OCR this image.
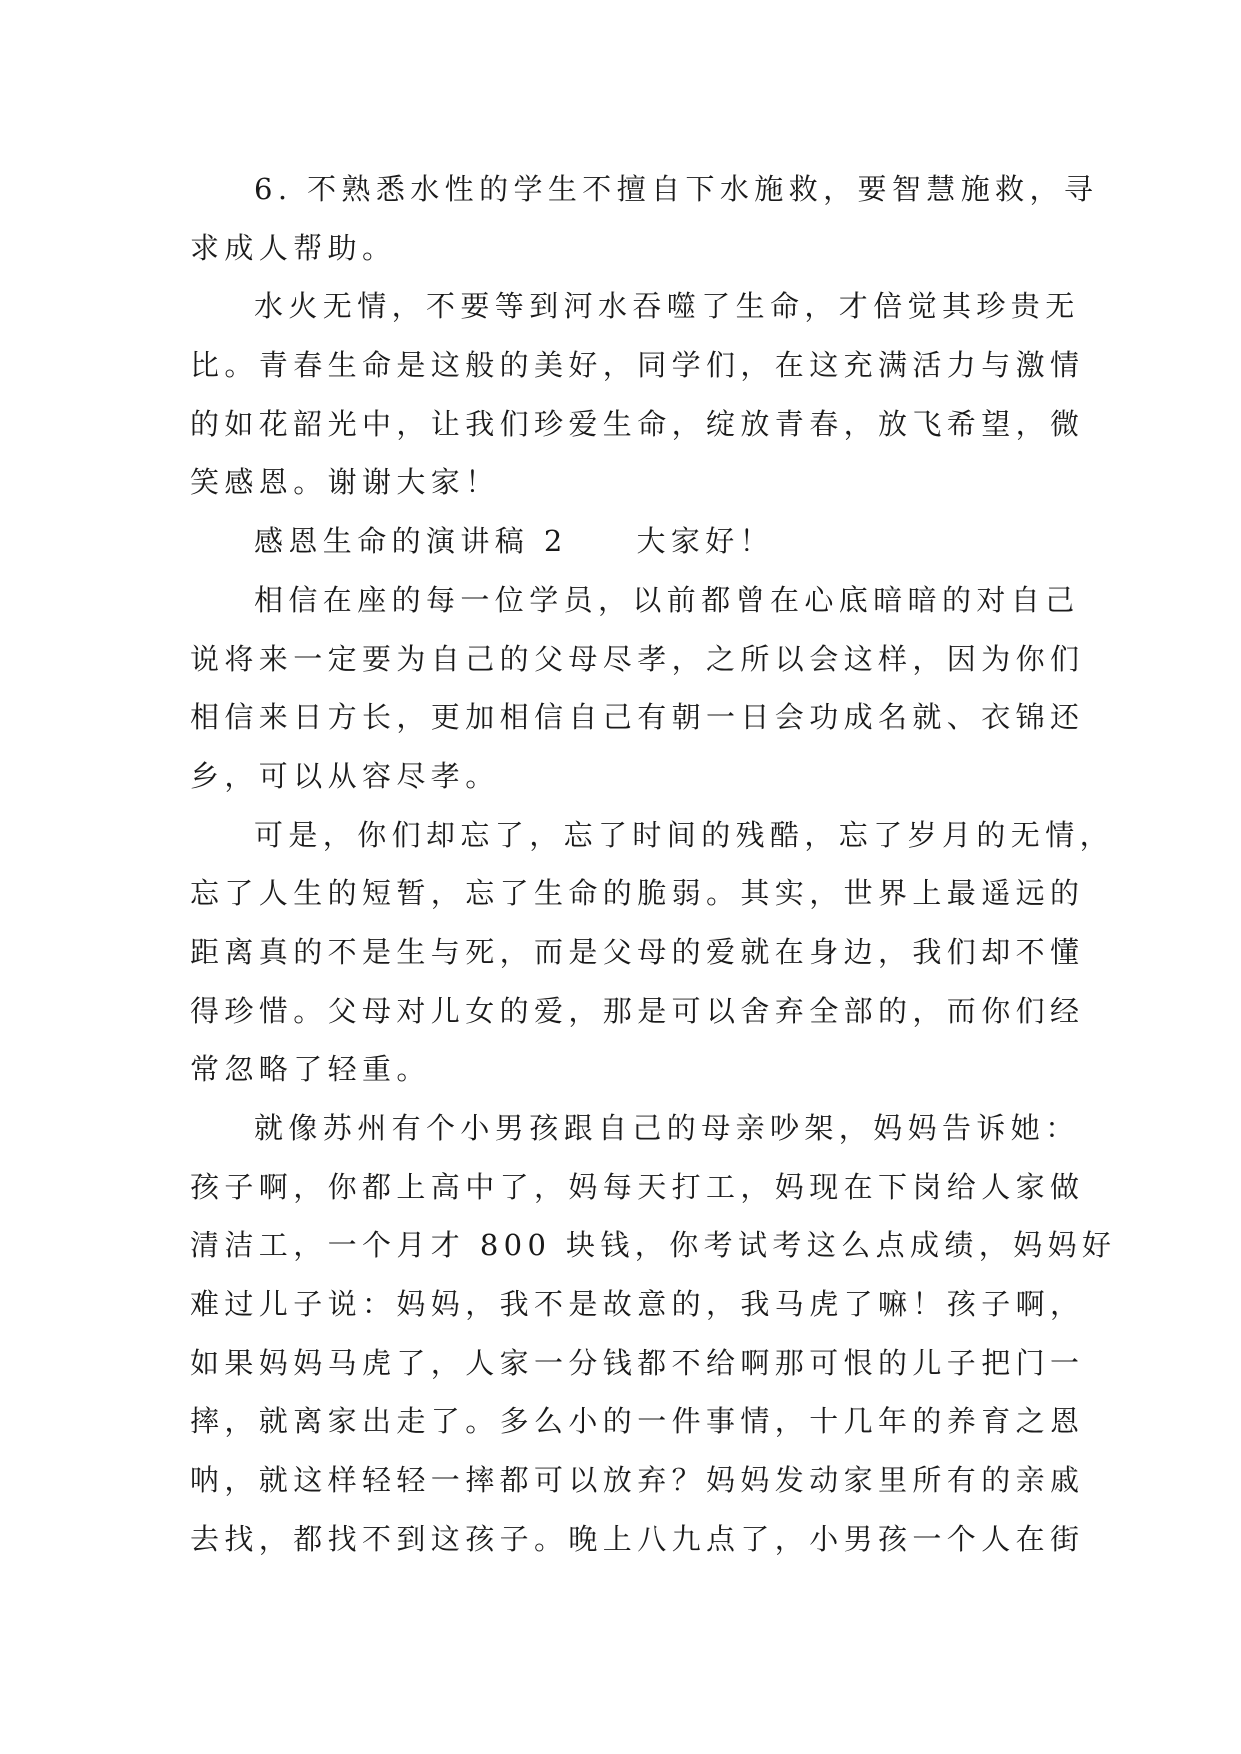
6. 不熟悉水性的学生不擅自下水施救，要智慧施救，寻
求成人帮助。
水火无情，不要等到河水吞噬了生命，才倍觉其珍贵无
比。青春生命是这般的美好，同学们，在这充满活力与激情
的如花韶光中，让我们珍爱生命，绽放青春，放飞希望，微
笑感恩。谢谢大家！
感恩生命的演讲稿 2　　大家好！
相信在座的每一位学员，以前都曾在心底暗暗的对自己
说将来一定要为自己的父母尽孝，之所以会这样，因为你们
相信来日方长，更加相信自己有朝一日会功成名就、衣锦还
乡，可以从容尽孝。
可是，你们却忘了，忘了时间的残酷，忘了岁月的无情，
忘了人生的短暂，忘了生命的脆弱。其实，世界上最遥远的
距离真的不是生与死，而是父母的爱就在身边，我们却不懂
得珍惜。父母对儿女的爱，那是可以舍弃全部的，而你们经
常忽略了轻重。
就像苏州有个小男孩跟自己的母亲吵架，妈妈告诉她：
孩子啊，你都上高中了，妈每天打工，妈现在下岗给人家做
清洁工，一个月才 800 块钱，你考试考这么点成绩，妈妈好
难过儿子说：妈妈，我不是故意的，我马虎了嘛！孩子啊，
如果妈妈马虎了，人家一分钱都不给啊那可恨的儿子把门一
摔，就离家出走了。多么小的一件事情，十几年的养育之恩
呐，就这样轻轻一摔都可以放弃？妈妈发动家里所有的亲戚
去找，都找不到这孩子。晚上八九点了，小男孩一个人在街
